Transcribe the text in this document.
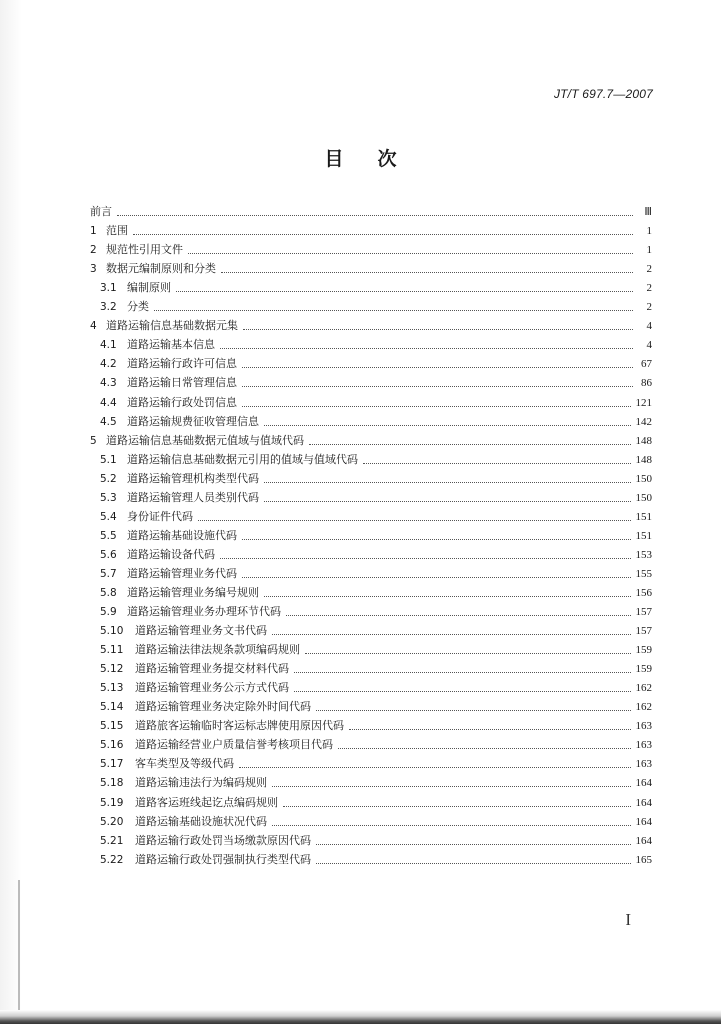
JT/T 697.7—2007
目次
前言	Ⅲ
1 范围	1
2 规范性引用文件	1
3 数据元编制原则和分类	2
3.1 编制原则	2
3.2 分类	2
4 道路运输信息基础数据元集	4
4.1 道路运输基本信息	4
4.2 道路运输行政许可信息	67
4.3 道路运输日常管理信息	86
4.4 道路运输行政处罚信息	121
4.5 道路运输规费征收管理信息	142
5 道路运输信息基础数据元值域与值域代码	148
5.1 道路运输信息基础数据元引用的值域与值域代码	148
5.2 道路运输管理机构类型代码	150
5.3 道路运输管理人员类别代码	150
5.4 身份证件代码	151
5.5 道路运输基础设施代码	151
5.6 道路运输设备代码	153
5.7 道路运输管理业务代码	155
5.8 道路运输管理业务编号规则	156
5.9 道路运输管理业务办理环节代码	157
5.10	道路运输管理业务文书代码	157
5.11	道路运输法律法规条款项编码规则	159
5.12	道路运输管理业务提交材料代码	159
5.13	道路运输管理业务公示方式代码	162
5.14	道路运输管理业务决定除外时间代码	162
5.15	道路旅客运输临时客运标志牌使用原因代码	163
5.16	道路运输经营业户质量信誉考核项目代码	163
5.17	客车类型及等级代码	163
5.18	道路运输违法行为编码规则	164
5.19	道路客运班线起讫点编码规则	164
5.20	道路运输基础设施状况代码	164
5.21	道路运输行政处罚当场缴款原因代码	164
5.22	道路运输行政处罚强制执行类型代码	165
I
